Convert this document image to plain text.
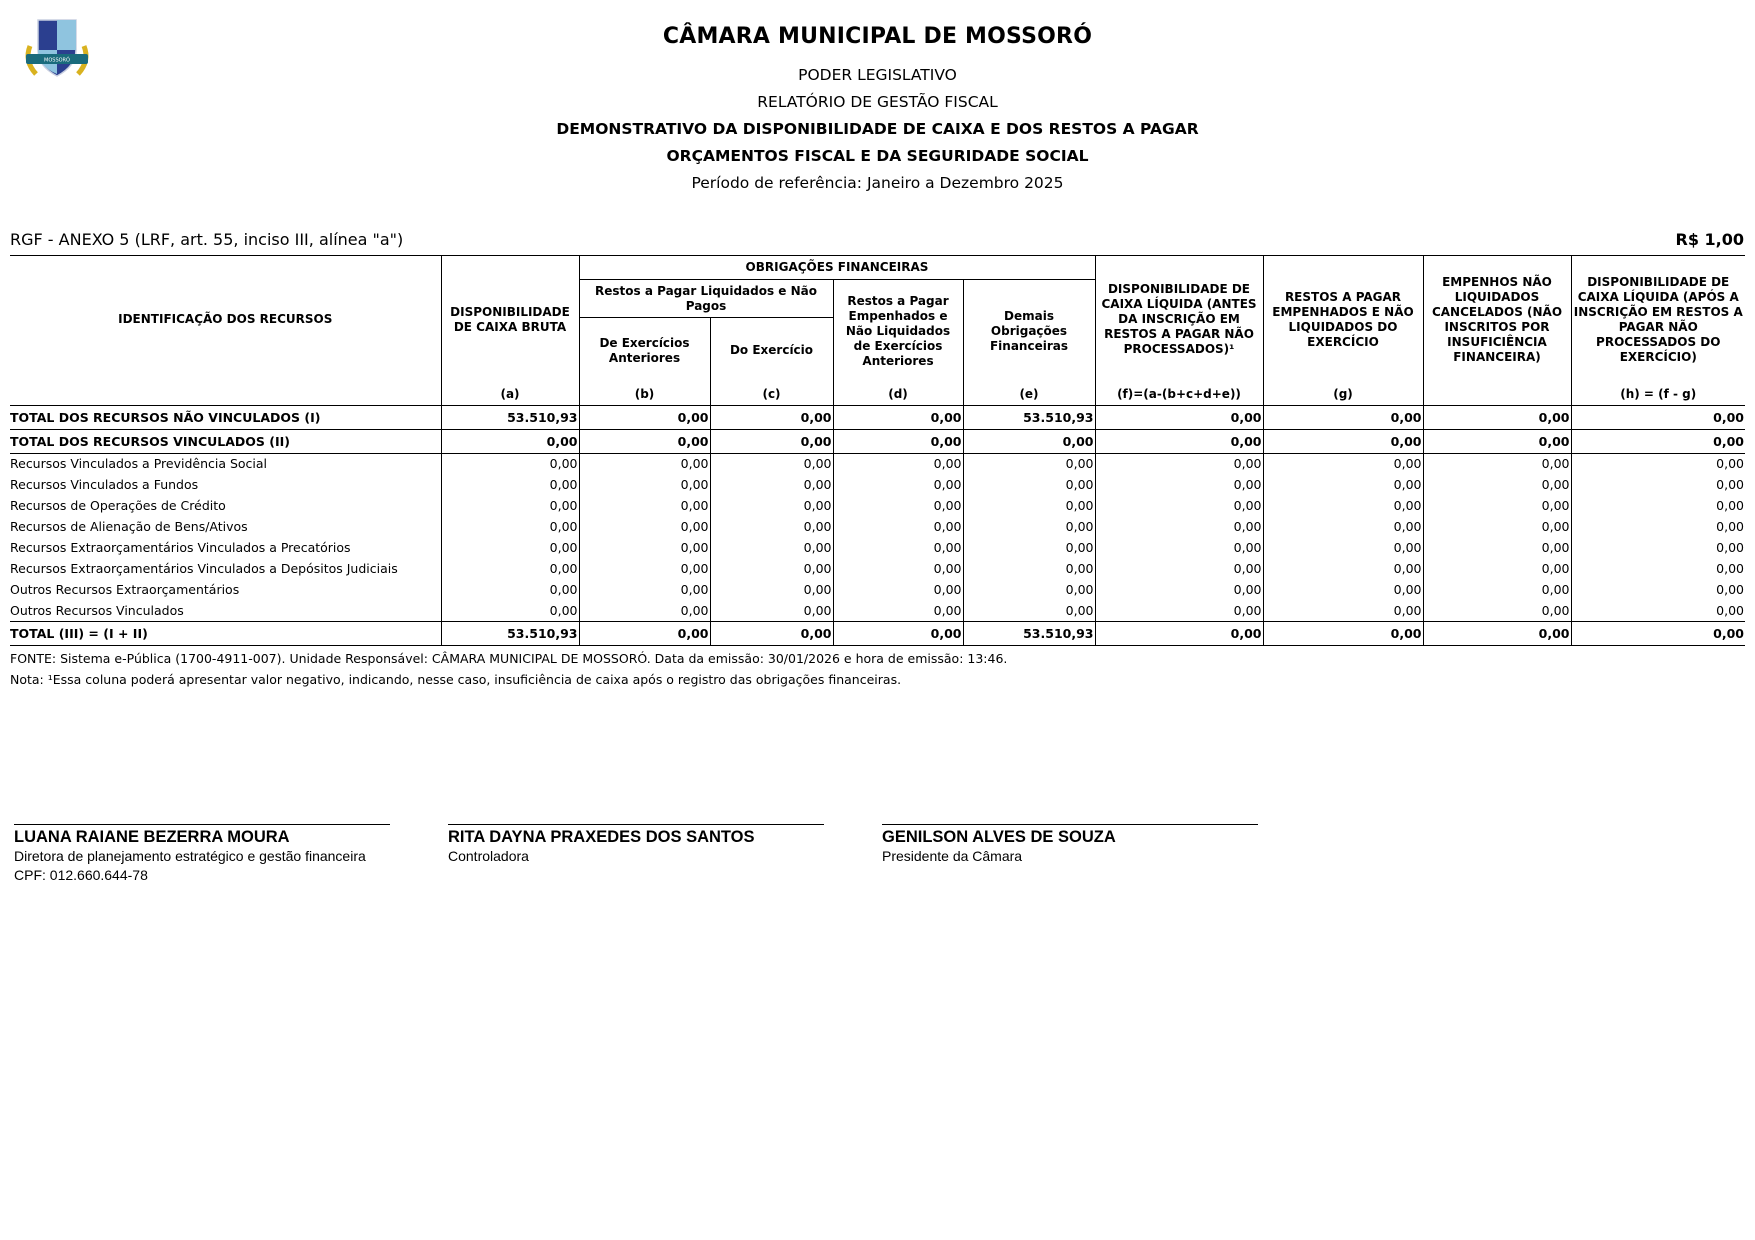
MOSSORÓ
CÂMARA MUNICIPAL DE MOSSORÓ
PODER LEGISLATIVO
RELATÓRIO DE GESTÃO FISCAL
DEMONSTRATIVO DA DISPONIBILIDADE DE CAIXA E DOS RESTOS A PAGAR
ORÇAMENTOS FISCAL E DA SEGURIDADE SOCIAL
Período de referência: Janeiro a Dezembro 2025
RGF - ANEXO 5 (LRF, art. 55, inciso III, alínea "a")	R$ 1,00
IDENTIFICAÇÃO DOS RECURSOS	DISPONIBILIDADE DE CAIXA BRUTA	OBRIGAÇÕES FINANCEIRAS				DISPONIBILIDADE DE CAIXA LÍQUIDA (ANTES DA INSCRIÇÃO EM RESTOS A PAGAR NÃO PROCESSADOS)¹	RESTOS A PAGAR EMPENHADOS E NÃO LIQUIDADOS DO EXERCÍCIO	EMPENHOS NÃO LIQUIDADOS CANCELADOS (NÃO INSCRITOS POR INSUFICIÊNCIA FINANCEIRA)	DISPONIBILIDADE DE CAIXA LÍQUIDA (APÓS A INSCRIÇÃO EM RESTOS A PAGAR NÃO PROCESSADOS DO EXERCÍCIO)
		Restos a Pagar Liquidados e Não Pagos		Restos a Pagar Empenhados e Não Liquidados de Exercícios Anteriores	Demais Obrigações Financeiras				
		De Exercícios Anteriores	Do Exercício						
	(a)	(b)	(c)	(d)	(e)	(f)=(a-(b+c+d+e))	(g)		(h) = (f - g)
TOTAL DOS RECURSOS NÃO VINCULADOS (I)	53.510,93	0,00	0,00	0,00	53.510,93	0,00	0,00	0,00	0,00
TOTAL DOS RECURSOS VINCULADOS (II)	0,00	0,00	0,00	0,00	0,00	0,00	0,00	0,00	0,00
Recursos Vinculados a Previdência Social	0,00	0,00	0,00	0,00	0,00	0,00	0,00	0,00	0,00
Recursos Vinculados a Fundos	0,00	0,00	0,00	0,00	0,00	0,00	0,00	0,00	0,00
Recursos de Operações de Crédito	0,00	0,00	0,00	0,00	0,00	0,00	0,00	0,00	0,00
Recursos de Alienação de Bens/Ativos	0,00	0,00	0,00	0,00	0,00	0,00	0,00	0,00	0,00
Recursos Extraorçamentários Vinculados a Precatórios	0,00	0,00	0,00	0,00	0,00	0,00	0,00	0,00	0,00
Recursos Extraorçamentários Vinculados a Depósitos Judiciais	0,00	0,00	0,00	0,00	0,00	0,00	0,00	0,00	0,00
Outros Recursos Extraorçamentários	0,00	0,00	0,00	0,00	0,00	0,00	0,00	0,00	0,00
Outros Recursos Vinculados	0,00	0,00	0,00	0,00	0,00	0,00	0,00	0,00	0,00
TOTAL (III) = (I + II)	53.510,93	0,00	0,00	0,00	53.510,93	0,00	0,00	0,00	0,00
FONTE: Sistema e-Pública (1700-4911-007). Unidade Responsável: CÂMARA MUNICIPAL DE MOSSORÓ. Data da emissão: 30/01/2026 e hora de emissão: 13:46.
Nota: ¹Essa coluna poderá apresentar valor negativo, indicando, nesse caso, insuficiência de caixa após o registro das obrigações financeiras.
LUANA RAIANE BEZERRA MOURA
Diretora de planejamento estratégico e gestão financeira
CPF: 012.660.644-78
RITA DAYNA PRAXEDES DOS SANTOS
Controladora
GENILSON ALVES DE SOUZA
Presidente da Câmara
